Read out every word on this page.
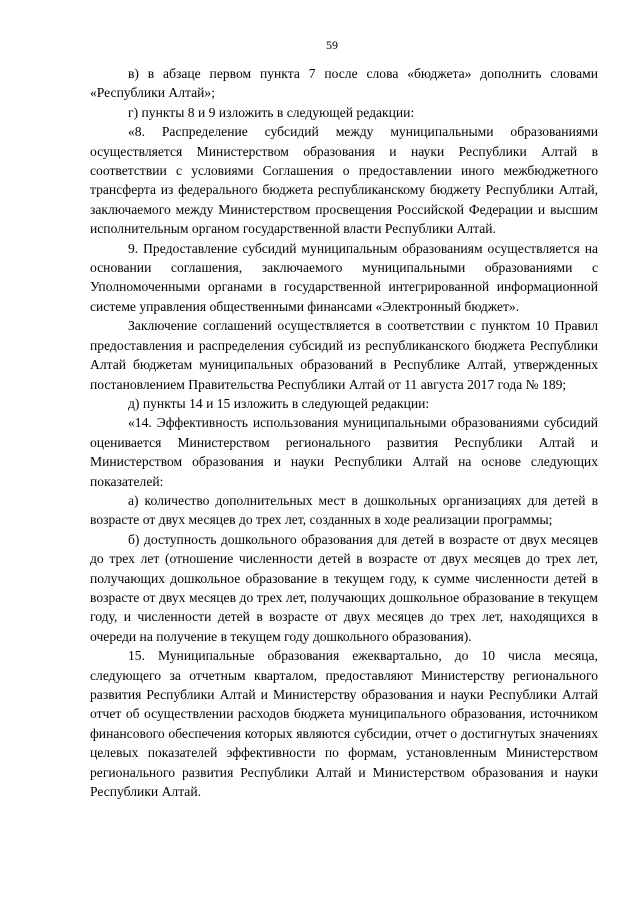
59

в) в абзаце первом пункта 7 после слова «бюджета» дополнить словами «Республики Алтай»;

г) пункты 8 и 9 изложить в следующей редакции:

«8. Распределение субсидий между муниципальными образованиями осуществляется Министерством образования и науки Республики Алтай в соответствии с условиями Соглашения о предоставлении иного межбюджетного трансферта из федерального бюджета республиканскому бюджету Республики Алтай, заключаемого между Министерством просвещения Российской Федерации и высшим исполнительным органом государственной власти Республики Алтай.

9. Предоставление субсидий муниципальным образованиям осуществляется на основании соглашения, заключаемого муниципальными образованиями с Уполномоченными органами в государственной интегрированной информационной системе управления общественными финансами «Электронный бюджет».

Заключение соглашений осуществляется в соответствии с пунктом 10 Правил предоставления и распределения субсидий из республиканского бюджета Республики Алтай бюджетам муниципальных образований в Республике Алтай, утвержденных постановлением Правительства Республики Алтай от 11 августа 2017 года № 189;

д) пункты 14 и 15 изложить в следующей редакции:

«14. Эффективность использования муниципальными образованиями субсидий оценивается Министерством регионального развития Республики Алтай и Министерством образования и науки Республики Алтай на основе следующих показателей:

а) количество дополнительных мест в дошкольных организациях для детей в возрасте от двух месяцев до трех лет, созданных в ходе реализации программы;

б) доступность дошкольного образования для детей в возрасте от двух месяцев до трех лет (отношение численности детей в возрасте от двух месяцев до трех лет, получающих дошкольное образование в текущем году, к сумме численности детей в возрасте от двух месяцев до трех лет, получающих дошкольное образование в текущем году, и численности детей в возрасте от двух месяцев до трех лет, находящихся в очереди на получение в текущем году дошкольного образования).

15. Муниципальные образования ежеквартально, до 10 числа месяца, следующего за отчетным кварталом, предоставляют Министерству регионального развития Республики Алтай и Министерству образования и науки Республики Алтай отчет об осуществлении расходов бюджета муниципального образования, источником финансового обеспечения которых являются субсидии, отчет о достигнутых значениях целевых показателей эффективности по формам, установленным Министерством регионального развития Республики Алтай и Министерством образования и науки Республики Алтай.
